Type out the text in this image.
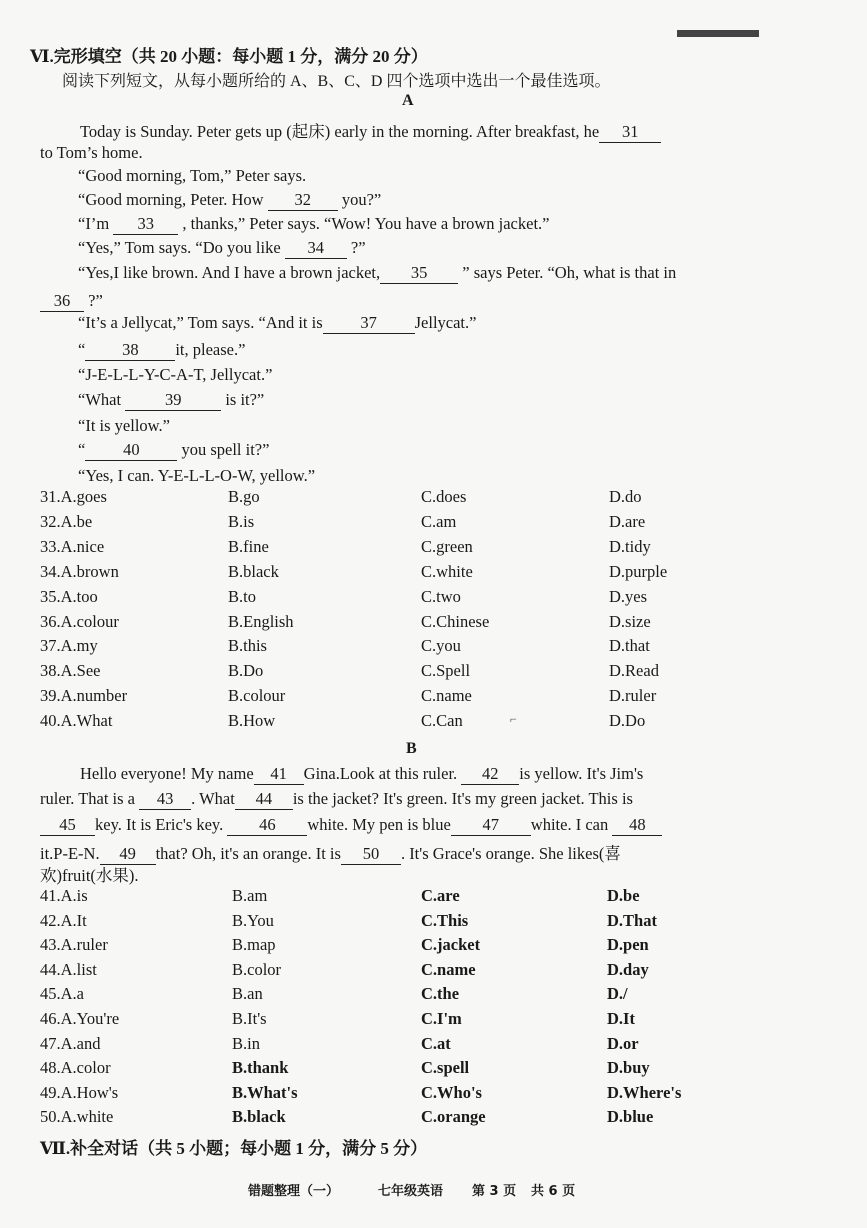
Ⅵ.完形填空（共 20 小题：每小题 1 分，满分 20 分）
阅读下列短文，从每小题所给的 A、B、C、D 四个选项中选出一个最佳选项。
A
Today is Sunday. Peter gets up (起床) early in the morning. After breakfast, he 31
to Tom’s home.
“Good morning, Tom,” Peter says.
“Good morning, Peter. How 32 you?”
“I’m 33 , thanks,” Peter says. “Wow! You have a brown jacket.”
“Yes,” Tom says. “Do you like 34 ?”
“Yes,I like brown. And I have a brown jacket, 35 ” says Peter. “Oh, what is that in
36 ?”
“It’s a Jellycat,” Tom says. “And it is 37 Jellycat.”
“ 38 it, please.”
“J-E-L-L-Y-C-A-T, Jellycat.”
“What 39 is it?”
“It is yellow.”
“ 40 you spell it?”
“Yes, I can. Y-E-L-L-O-W, yellow.”
31.A.goes	B.go	C.does	D.do
32.A.be	B.is	C.am	D.are
33.A.nice	B.fine	C.green	D.tidy
34.A.brown	B.black	C.white	D.purple
35.A.too	B.to	C.two	D.yes
36.A.colour	B.English	C.Chinese	D.size
37.A.my	B.this	C.you	D.that
38.A.See	B.Do	C.Spell	D.Read
39.A.number	B.colour	C.name	D.ruler
40.A.What	B.How	C.Can	D.Do
⌐
B
Hello everyone! My name 41 Gina.Look at this ruler. 42 is yellow. It's Jim's
ruler. That is a 43 . What 44 is the jacket? It's green. It's my green jacket. This is
45 key. It is Eric's key. 46 white. My pen is blue 47 white. I can 48
it.P-E-N. 49 that? Oh, it's an orange. It is 50 . It's Grace's orange. She likes(喜
欢)fruit(水果).
41.A.is	B.am	C.are	D.be
42.A.It	B.You	C.This	D.That
43.A.ruler	B.map	C.jacket	D.pen
44.A.list	B.color	C.name	D.day
45.A.a	B.an	C.the	D./
46.A.You're	B.It's	C.I'm	D.It
47.A.and	B.in	C.at	D.or
48.A.color	B.thank	C.spell	D.buy
49.A.How's	B.What's	C.Who's	D.Where's
50.A.white	B.black	C.orange	D.blue
Ⅶ.补全对话（共 5 小题；每小题 1 分，满分 5 分）
错题整理（一）	七年级英语 第 3 页 共 6 页
